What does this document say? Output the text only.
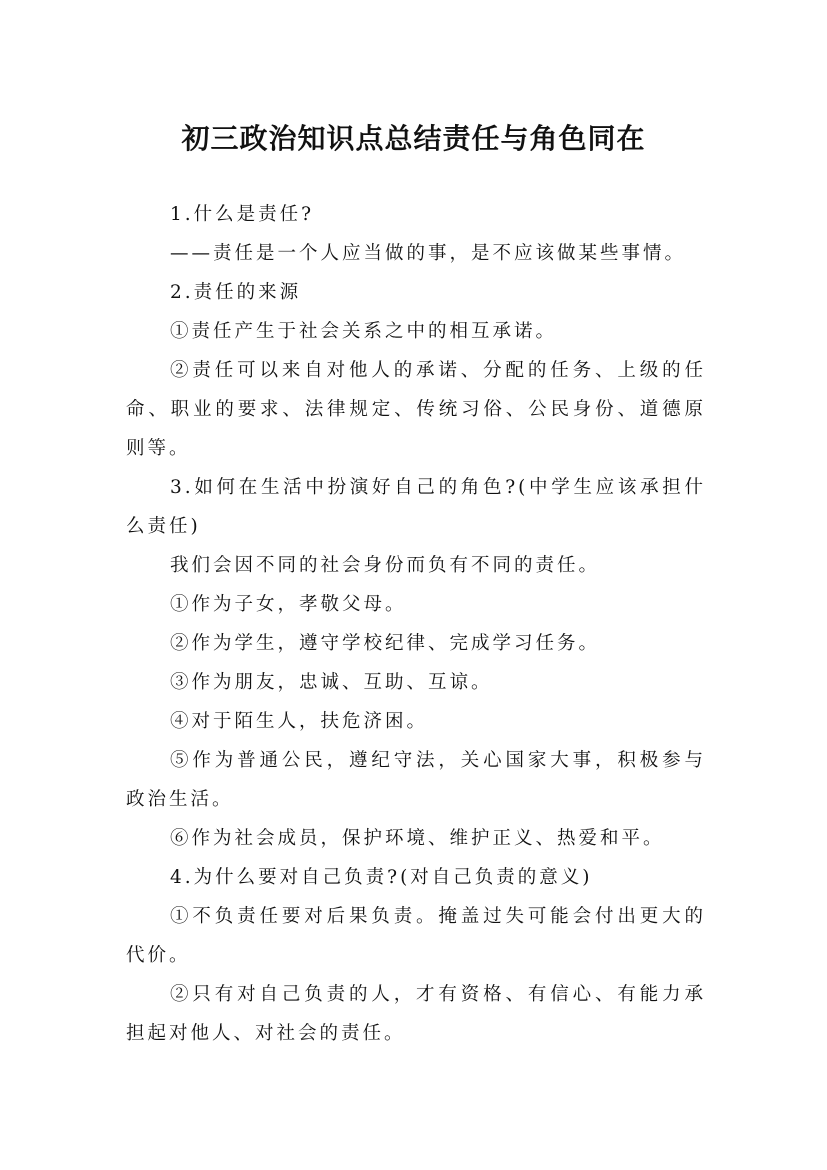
初三政治知识点总结责任与角色同在

1.什么是责任?

——责任是一个人应当做的事，是不应该做某些事情。

2.责任的来源

①责任产生于社会关系之中的相互承诺。

②责任可以来自对他人的承诺、分配的任务、上级的任命、职业的要求、法律规定、传统习俗、公民身份、道德原则等。

3.如何在生活中扮演好自己的角色?(中学生应该承担什么责任)

我们会因不同的社会身份而负有不同的责任。

①作为子女，孝敬父母。

②作为学生，遵守学校纪律、完成学习任务。

③作为朋友，忠诚、互助、互谅。

④对于陌生人，扶危济困。

⑤作为普通公民，遵纪守法，关心国家大事，积极参与政治生活。

⑥作为社会成员，保护环境、维护正义、热爱和平。

4.为什么要对自己负责?(对自己负责的意义)

①不负责任要对后果负责。掩盖过失可能会付出更大的代价。

②只有对自己负责的人，才有资格、有信心、有能力承担起对他人、对社会的责任。
